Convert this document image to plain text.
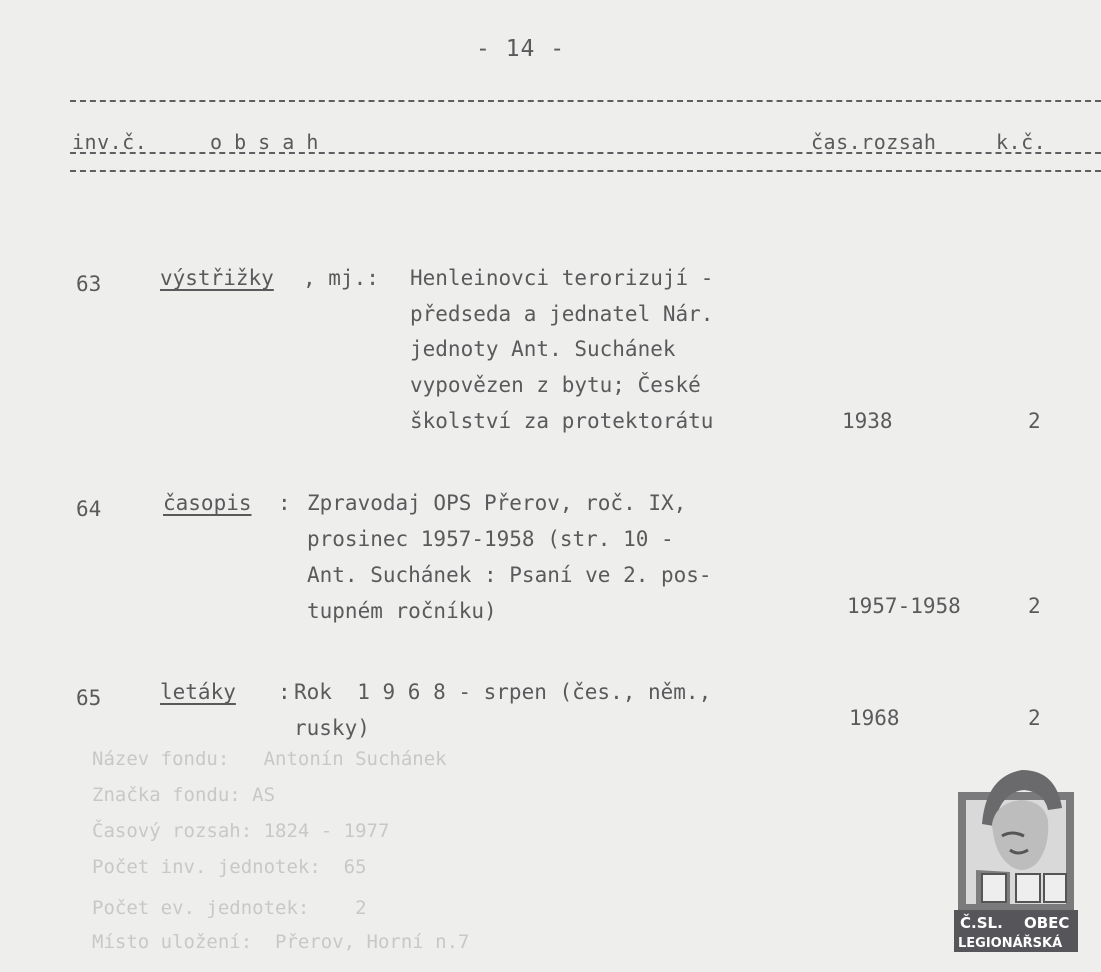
- 14 -
inv.č.	o b s a h	čas.rozsah	k.č.
63	výstřižky , mj.: Henleinovci terorizují -
předseda a jednatel Nár.
jednoty Ant. Suchánek
vypovězen z bytu; České
školství za protektorátu	1938	2
64	časopis : Zpravodaj OPS Přerov, roč. IX,
prosinec 1957-1958 (str. 10 -
Ant. Suchánek : Psaní ve 2. pos-
tupném ročníku)	1957-1958	2
65	letáky : Rok  1 9 6 8 - srpen (čes., něm.,
rusky)	1968	2
Název fondu:   Antonín Suchánek
Značka fondu: AS
Časový rozsah: 1824 - 1977
Počet inv. jednotek:  65
Počet ev. jednotek:    2
Místo uložení:  Přerov, Horní n.7
Č.SL. OBEC
LEGIONÁŘSKÁ
